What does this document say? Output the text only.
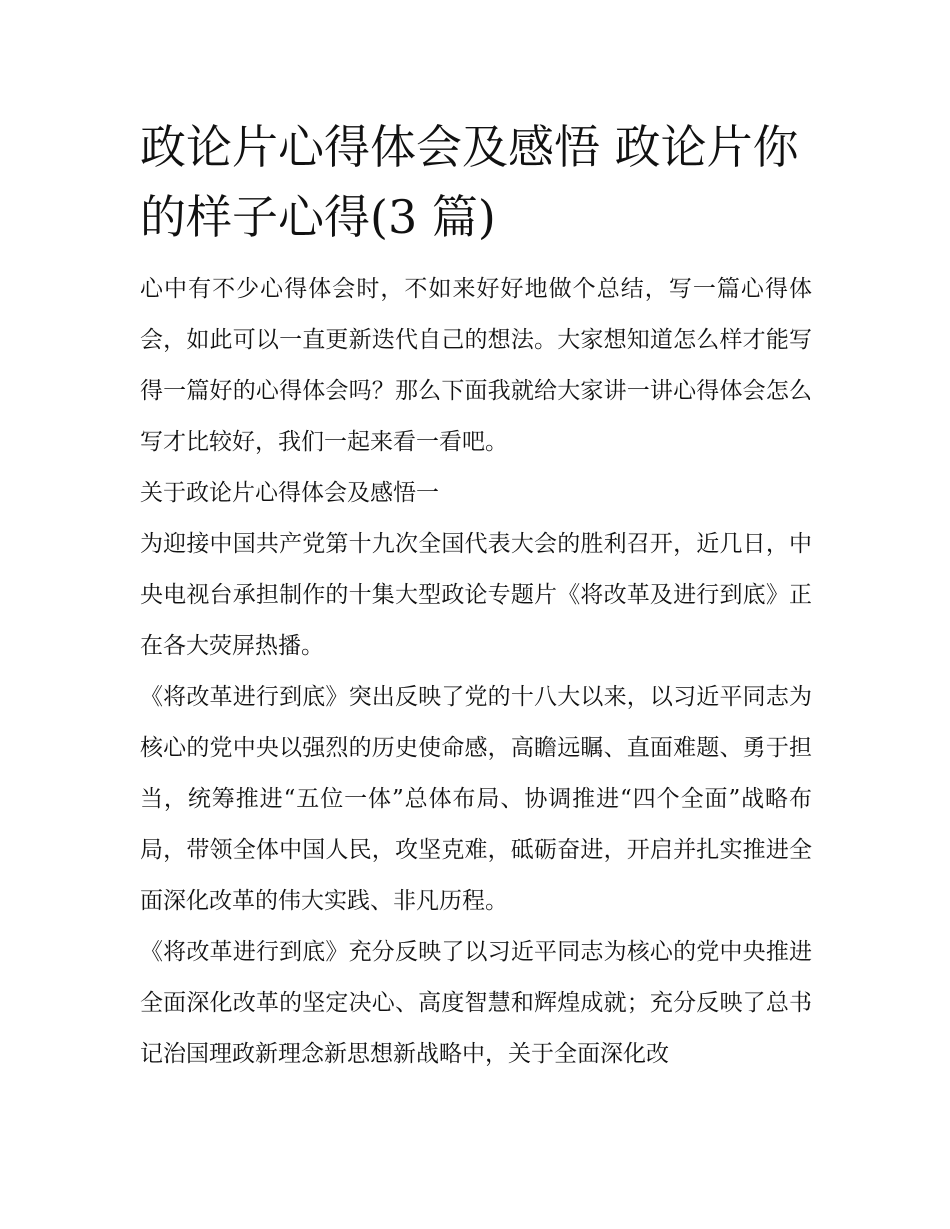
政论片心得体会及感悟 政论片你的样子心得(3 篇)

心中有不少心得体会时，不如来好好地做个总结，写一篇心得体会，如此可以一直更新迭代自己的想法。大家想知道怎么样才能写得一篇好的心得体会吗？那么下面我就给大家讲一讲心得体会怎么写才比较好，我们一起来看一看吧。

关于政论片心得体会及感悟一

为迎接中国共产党第十九次全国代表大会的胜利召开，近几日，中央电视台承担制作的十集大型政论专题片《将改革及进行到底》正在各大荧屏热播。

《将改革进行到底》突出反映了党的十八大以来，以习近平同志为核心的党中央以强烈的历史使命感，高瞻远瞩、直面难题、勇于担当，统筹推进“五位一体”总体布局、协调推进“四个全面”战略布局，带领全体中国人民，攻坚克难，砥砺奋进，开启并扎实推进全面深化改革的伟大实践、非凡历程。

《将改革进行到底》充分反映了以习近平同志为核心的党中央推进全面深化改革的坚定决心、高度智慧和辉煌成就；充分反映了总书记治国理政新理念新思想新战略中，关于全面深化改
